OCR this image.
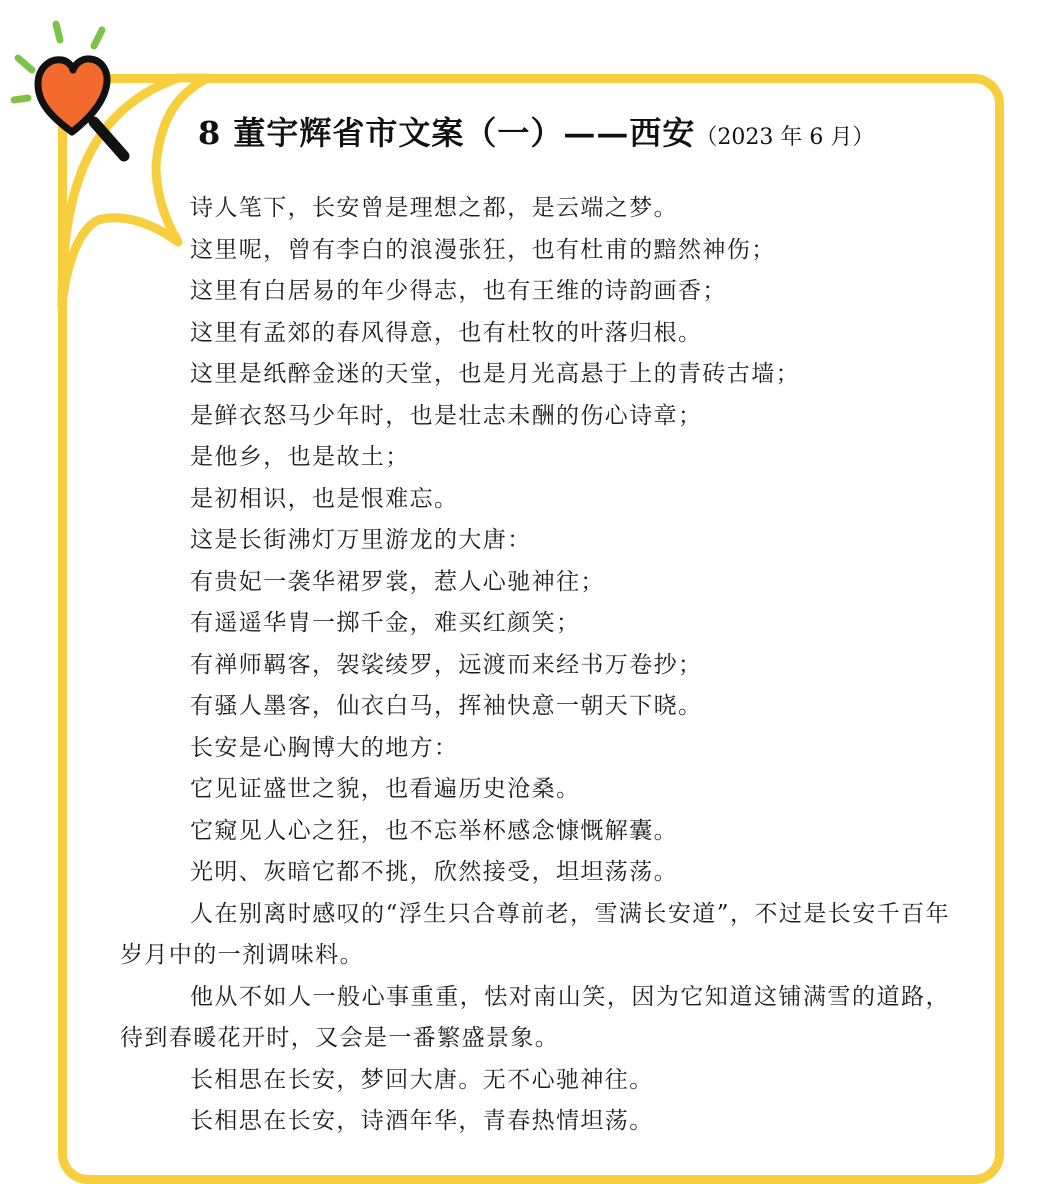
8 董宇辉省市文案（一）——西安（2023 年 6 月）

诗人笔下，长安曾是理想之都，是云端之梦。

这里呢，曾有李白的浪漫张狂，也有杜甫的黯然神伤；

这里有白居易的年少得志，也有王维的诗韵画香；

这里有孟郊的春风得意，也有杜牧的叶落归根。

这里是纸醉金迷的天堂，也是月光高悬于上的青砖古墙；

是鲜衣怒马少年时，也是壮志未酬的伤心诗章；

是他乡，也是故土；

是初相识，也是恨难忘。

这是长街沸灯万里游龙的大唐：

有贵妃一袭华裙罗裳，惹人心驰神往；

有遥遥华胄一掷千金，难买红颜笑；

有禅师羁客，袈裟绫罗，远渡而来经书万卷抄；

有骚人墨客，仙衣白马，挥袖快意一朝天下晓。

长安是心胸博大的地方：

它见证盛世之貌，也看遍历史沧桑。

它窥见人心之狂，也不忘举杯感念慷慨解囊。

光明、灰暗它都不挑，欣然接受，坦坦荡荡。

人在别离时感叹的“浮生只合尊前老，雪满长安道”，不过是长安千百年岁月中的一剂调味料。

他从不如人一般心事重重，怯对南山笑，因为它知道这铺满雪的道路，待到春暖花开时，又会是一番繁盛景象。

长相思在长安，梦回大唐。无不心驰神往。

长相思在长安，诗酒年华，青春热情坦荡。
